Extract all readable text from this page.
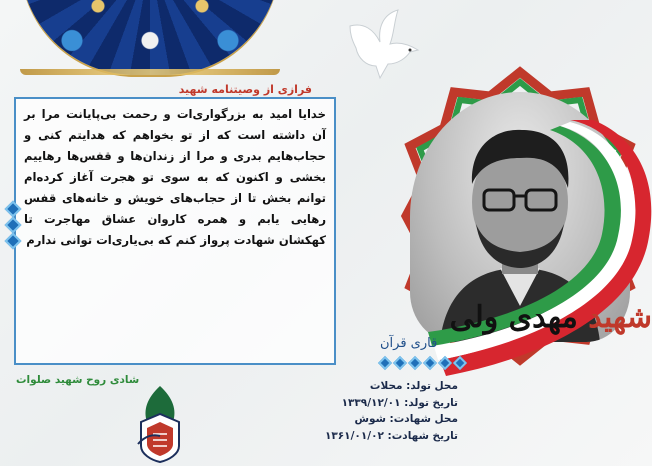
فرازی از وصیتنامه شهید
خدایا امید به بزرگواری‌ات و رحمت بی‌پایانت مرا بر آن داشته است که از تو بخواهم که هدایتم کنی و حجاب‌هایم بدری و مرا از زندان‌ها و قفس‌ها رهاییم بخشی و اکنون که به سوی تو هجرت آغاز کرده‌ام توانم بخش تا از حجاب‌های خویش و خانه‌های قفس رهایی یابم و همره کاروان عشاق مهاجرت تا کهکشان شهادت پرواز کنم که بی‌یاری‌ات توانی ندارم
شادی روح شهید صلوات
شهید مهدی ولی
قاری قرآن
محل تولد: محلات
تاریخ تولد: ۱۳۳۹/۱۲/۰۱
محل شهادت: شوش
تاریخ شهادت: ۱۳۶۱/۰۱/۰۲
